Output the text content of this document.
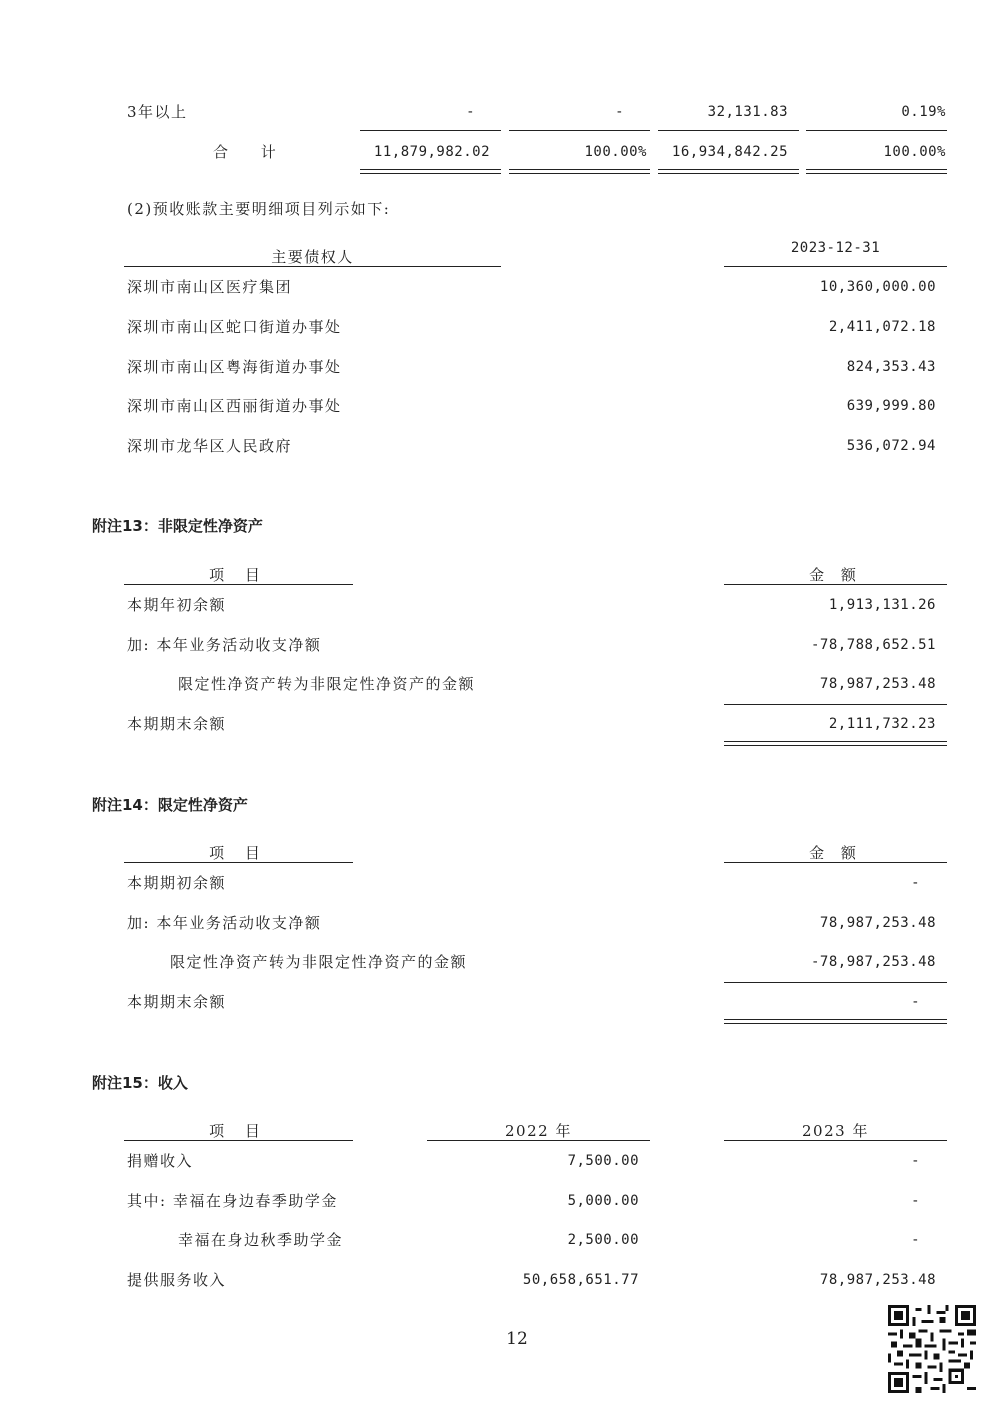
3年以上	-	-	32,131.83	0.19%
合 计	11,879,982.02	100.00%	16,934,842.25	100.00%
(2)预收账款主要明细项目列示如下:
主要债权人	2023-12-31
深圳市南山区医疗集团	10,360,000.00
深圳市南山区蛇口街道办事处	2,411,072.18
深圳市南山区粤海街道办事处	824,353.43
深圳市南山区西丽街道办事处	639,999.80
深圳市龙华区人民政府	536,072.94
附注13：非限定性净资产
项 目	金 额
本期年初余额	1,913,131.26
加: 本年业务活动收支净额	-78,788,652.51
限定性净资产转为非限定性净资产的金额	78,987,253.48
本期期末余额	2,111,732.23
附注14：限定性净资产
项 目	金 额
本期期初余额	-
加: 本年业务活动收支净额	78,987,253.48
限定性净资产转为非限定性净资产的金额	-78,987,253.48
本期期末余额	-
附注15：收入
项 目	2022 年	2023 年
捐赠收入	7,500.00	-
其中: 幸福在身边春季助学金	5,000.00	-
幸福在身边秋季助学金	2,500.00	-
提供服务收入	50,658,651.77	78,987,253.48
12
